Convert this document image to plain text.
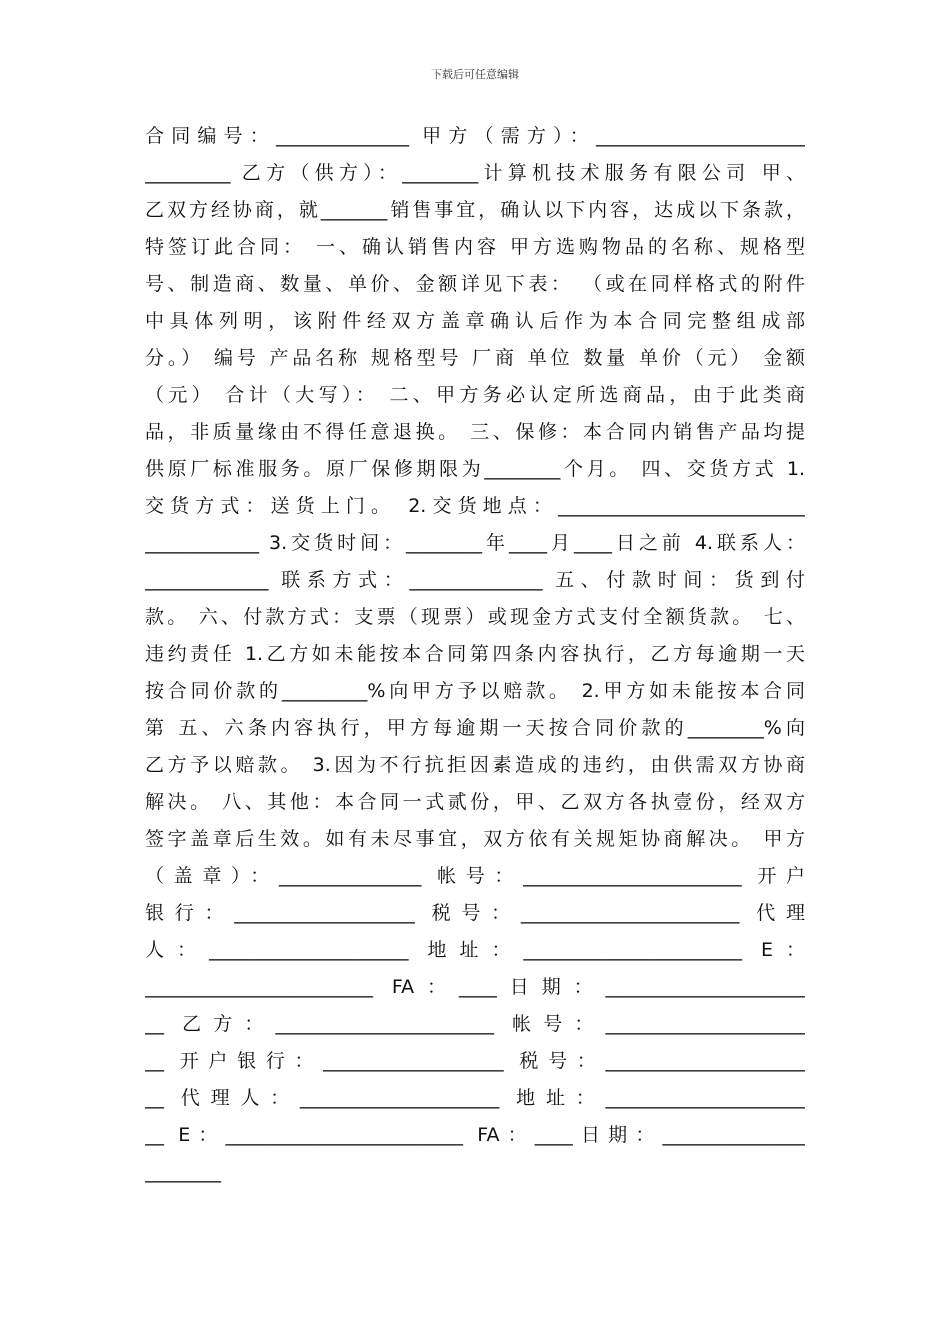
下载后可任意编辑
合同编号：______________ 甲方（需方）：______________________
_________ 乙方（供方）：________计算机技术服务有限公司 甲、
乙双方经协商，就_______销售事宜，确认以下内容，达成以下条款，
特签订此合同： 一、确认销售内容 甲方选购物品的名称、规格型
号、制造商、数量、单价、金额详见下表： （或在同样格式的附件
中具体列明，该附件经双方盖章确认后作为本合同完整组成部
分。） 编号 产品名称 规格型号 厂商 单位 数量 单价（元） 金额
（元） 合计（大写）： 二、甲方务必认定所选商品，由于此类商
品，非质量缘由不得任意退换。 三、保修：本合同内销售产品均提
供原厂标准服务。原厂保修期限为________个月。 四、交货方式 1.
交货方式：送货上门。 2.交货地点：__________________________
____________ 3.交货时间：________年____月____日之前 4.联系人：
_____________ 联系方式：______________ 五、付款时间：货到付
款。 六、付款方式：支票（现票）或现金方式支付全额货款。 七、
违约责任 1.乙方如未能按本合同第四条内容执行，乙方每逾期一天
按合同价款的_________%向甲方予以赔款。 2.甲方如未能按本合同
第 五、六条内容执行，甲方每逾期一天按合同价款的________%向
乙方予以赔款。 3.因为不行抗拒因素造成的违约，由供需双方协商
解决。 八、其他：本合同一式贰份，甲、乙双方各执壹份，经双方
签字盖章后生效。如有未尽事宜，双方依有关规矩协商解决。 甲方
（盖章）：_______________ 帐号：_______________________ 开户
银行：___________________ 税号：_______________________ 代理
人：_____________________ 地址：_______________________ E：
________________________ FA：____日期：_____________________
__ 乙方：_______________________ 帐号：_____________________
__ 开户银行：___________________ 税号：_____________________
__ 代理人：_____________________ 地址：_____________________
__ E：_________________________ FA：____日期：_______________
________
